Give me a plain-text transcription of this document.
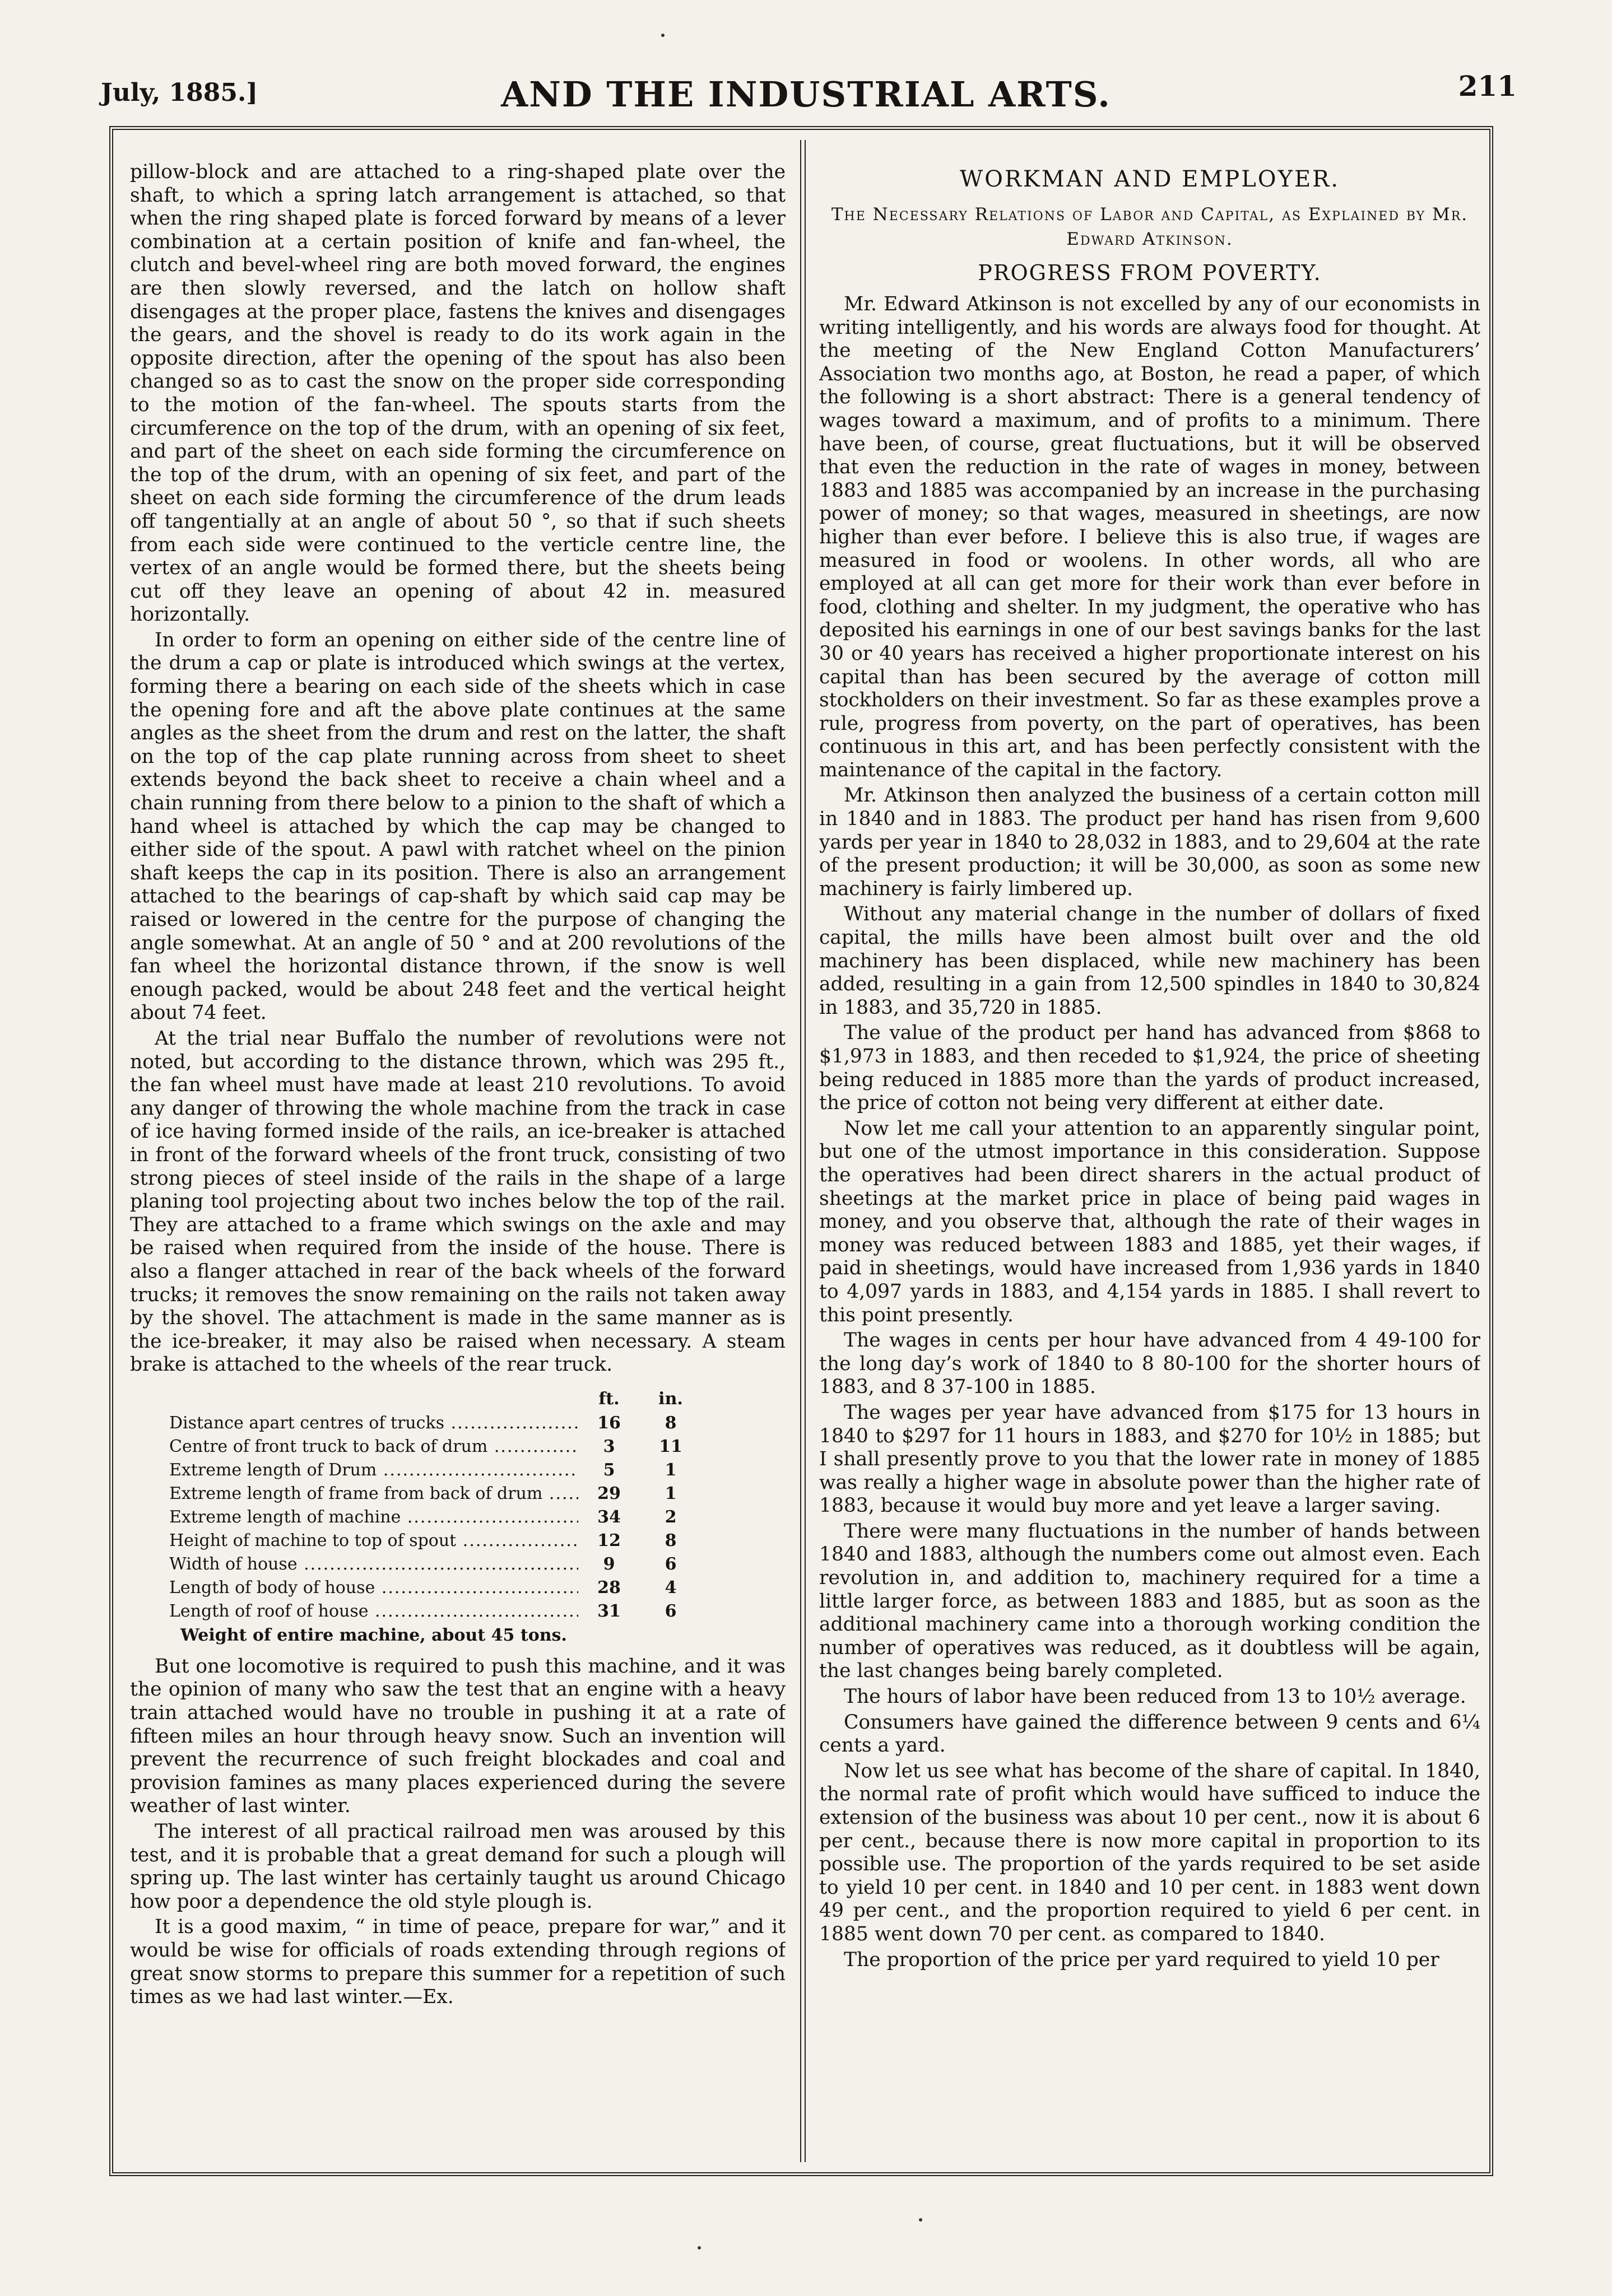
July, 1885.]	AND THE INDUSTRIAL ARTS.	211

pillow-block and are attached to a ring-shaped plate over the shaft, to which a spring latch arrangement is attached, so that when the ring shaped plate is forced forward by means of a lever combination at a certain position of knife and fan-wheel, the clutch and bevel-wheel ring are both moved forward, the engines are then slowly reversed, and the latch on hollow shaft disengages at the proper place, fastens the knives and disengages the gears, and the shovel is ready to do its work again in the opposite direction, after the opening of the spout has also been changed so as to cast the snow on the proper side corresponding to the motion of the fan-wheel. The spouts starts from the circumference on the top of the drum, with an opening of six feet, and part of the sheet on each side forming the circumference on the top of the drum, with an opening of six feet, and part of the sheet on each side forming the circumference of the drum leads off tangentially at an angle of about 50 °, so that if such sheets from each side were continued to the verticle centre line, the vertex of an angle would be formed there, but the sheets being cut off they leave an opening of about 42 in. measured horizontally.

In order to form an opening on either side of the centre line of the drum a cap or plate is introduced which swings at the vertex, forming there a bearing on each side of the sheets which in case the opening fore and aft the above plate continues at the same angles as the sheet from the drum and rest on the latter, the shaft on the top of the cap plate running across from sheet to sheet extends beyond the back sheet to receive a chain wheel and a chain running from there below to a pinion to the shaft of which a hand wheel is attached by which the cap may be changed to either side of the spout. A pawl with ratchet wheel on the pinion shaft keeps the cap in its position. There is also an arrangement attached to the bearings of cap-shaft by which said cap may be raised or lowered in the centre for the purpose of changing the angle somewhat. At an angle of 50 ° and at 200 revolutions of the fan wheel the horizontal distance thrown, if the snow is well enough packed, would be about 248 feet and the vertical height about 74 feet.

At the trial near Buffalo the number of revolutions were not noted, but according to the distance thrown, which was 295 ft., the fan wheel must have made at least 210 revolutions. To avoid any danger of throwing the whole machine from the track in case of ice having formed inside of the rails, an ice-breaker is attached in front of the forward wheels of the front truck, consisting of two strong pieces of steel inside of the rails in the shape of a large planing tool projecting about two inches below the top of the rail. They are attached to a frame which swings on the axle and may be raised when required from the inside of the house. There is also a flanger attached in rear of the back wheels of the forward trucks; it removes the snow remaining on the rails not taken away by the shovel. The attachment is made in the same manner as is the ice-breaker, it may also be raised when necessary. A steam brake is attached to the wheels of the rear truck.

ft.	in.
Distance apart centres of trucks .....	16	8
Centre of front truck to back of drum .....	3	11
Extreme length of Drum .....	5	1
Extreme length of frame from back of drum .....	29	1
Extreme length of machine .....	34	2
Height of machine to top of spout .....	12	8
Width of house .....	9	6
Length of body of house .....	28	4
Length of roof of house .....	31	6
Weight of entire machine, about 45 tons.

But one locomotive is required to push this machine, and it was the opinion of many who saw the test that an engine with a heavy train attached would have no trouble in pushing it at a rate of fifteen miles an hour through heavy snow. Such an invention will prevent the recurrence of such freight blockades and coal and provision famines as many places experienced during the severe weather of last winter.

The interest of all practical railroad men was aroused by this test, and it is probable that a great demand for such a plough will spring up. The last winter has certainly taught us around Chicago how poor a dependence the old style plough is.

It is a good maxim, “ in time of peace, prepare for war,” and it would be wise for officials of roads extending through regions of great snow storms to prepare this summer for a repetition of such times as we had last winter.—Ex.

WORKMAN AND EMPLOYER.
The Necessary Relations of Labor and Capital, as Explained by Mr. Edward Atkinson.
PROGRESS FROM POVERTY.

Mr. Edward Atkinson is not excelled by any of our economists in writing intelligently, and his words are always food for thought. At the meeting of the New England Cotton Manufacturers’ Association two months ago, at Boston, he read a paper, of which the following is a short abstract: There is a general tendency of wages toward a maximum, and of profits to a minimum. There have been, of course, great fluctuations, but it will be observed that even the reduction in the rate of wages in money, between 1883 and 1885 was accompanied by an increase in the purchasing power of money; so that wages, measured in sheetings, are now higher than ever before. I believe this is also true, if wages are measured in food or woolens. In other words, all who are employed at all can get more for their work than ever before in food, clothing and shelter. In my judgment, the operative who has deposited his earnings in one of our best savings banks for the last 30 or 40 years has received a higher proportionate interest on his capital than has been secured by the average of cotton mill stockholders on their investment. So far as these examples prove a rule, progress from poverty, on the part of operatives, has been continuous in this art, and has been perfectly consistent with the maintenance of the capital in the factory.

Mr. Atkinson then analyzed the business of a certain cotton mill in 1840 and in 1883. The product per hand has risen from 9,600 yards per year in 1840 to 28,032 in 1883, and to 29,604 at the rate of the present production; it will be 30,000, as soon as some new machinery is fairly limbered up.

Without any material change in the number of dollars of fixed capital, the mills have been almost built over and the old machinery has been displaced, while new machinery has been added, resulting in a gain from 12,500 spindles in 1840 to 30,824 in 1883, and 35,720 in 1885.

The value of the product per hand has advanced from $868 to $1,973 in 1883, and then receded to $1,924, the price of sheeting being reduced in 1885 more than the yards of product increased, the price of cotton not being very different at either date.

Now let me call your attention to an apparently singular point, but one of the utmost importance in this consideration. Suppose the operatives had been direct sharers in the actual product of sheetings at the market price in place of being paid wages in money, and you observe that, although the rate of their wages in money was reduced between 1883 and 1885, yet their wages, if paid in sheetings, would have increased from 1,936 yards in 1840 to 4,097 yards in 1883, and 4,154 yards in 1885. I shall revert to this point presently.

The wages in cents per hour have advanced from 4 49-100 for the long day’s work of 1840 to 8 80-100 for the shorter hours of 1883, and 8 37-100 in 1885.

The wages per year have advanced from $175 for 13 hours in 1840 to $297 for 11 hours in 1883, and $270 for 10½ in 1885; but I shall presently prove to you that the lower rate in money of 1885 was really a higher wage in absolute power than the higher rate of 1883, because it would buy more and yet leave a larger saving.

There were many fluctuations in the number of hands between 1840 and 1883, although the numbers come out almost even. Each revolution in, and addition to, machinery required for a time a little larger force, as between 1883 and 1885, but as soon as the additional machinery came into a thorough working condition the number of operatives was reduced, as it doubtless will be again, the last changes being barely completed.

The hours of labor have been reduced from 13 to 10½ average.

Consumers have gained the difference between 9 cents and 6¼ cents a yard.

Now let us see what has become of the share of capital. In 1840, the normal rate of profit which would have sufficed to induce the extension of the business was about 10 per cent., now it is about 6 per cent., because there is now more capital in proportion to its possible use. The proportion of the yards required to be set aside to yield 10 per cent. in 1840 and 10 per cent. in 1883 went down 49 per cent., and the proportion required to yield 6 per cent. in 1885 went down 70 per cent. as compared to 1840.

The proportion of the price per yard required to yield 10 per
